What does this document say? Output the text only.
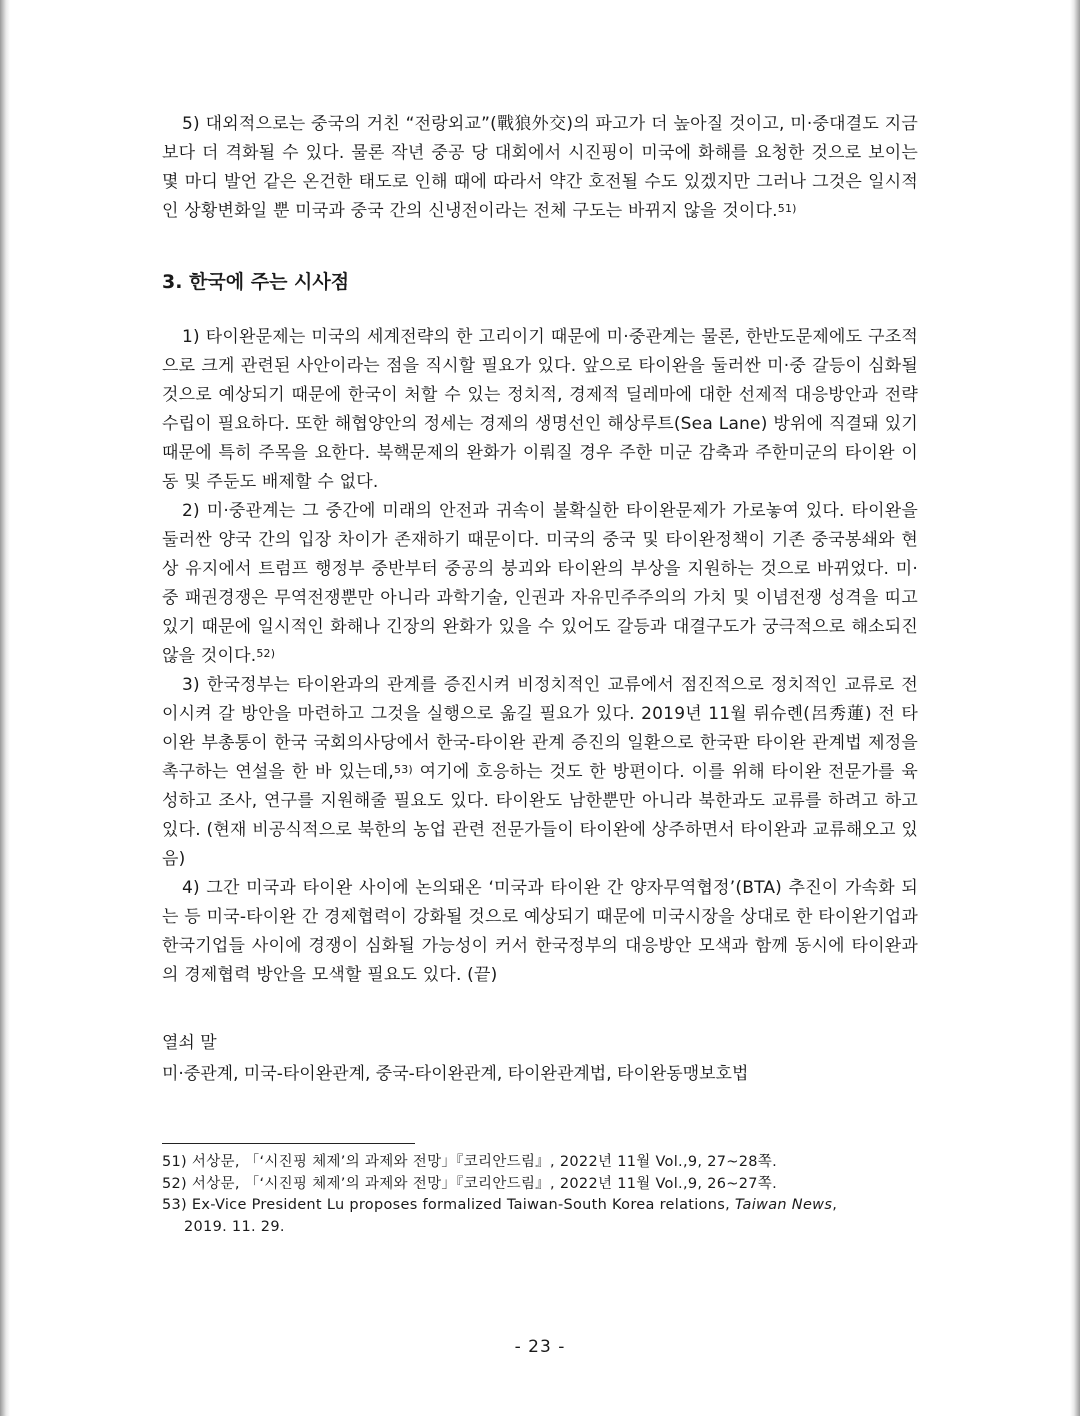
5) 대외적으로는 중국의 거친 “전랑외교”(戰狼外交)의 파고가 더 높아질 것이고, 미·중대결도 지금보다 더 격화될 수 있다. 물론 작년 중공 당 대회에서 시진핑이 미국에 화해를 요청한 것으로 보이는 몇 마디 발언 같은 온건한 태도로 인해 때에 따라서 약간 호전될 수도 있겠지만 그러나 그것은 일시적인 상황변화일 뿐 미국과 중국 간의 신냉전이라는 전체 구도는 바뀌지 않을 것이다.$^{51)}$

3. 한국에 주는 시사점

1) 타이완문제는 미국의 세계전략의 한 고리이기 때문에 미·중관계는 물론, 한반도문제에도 구조적으로 크게 관련된 사안이라는 점을 직시할 필요가 있다. 앞으로 타이완을 둘러싼 미·중 갈등이 심화될 것으로 예상되기 때문에 한국이 처할 수 있는 정치적, 경제적 딜레마에 대한 선제적 대응방안과 전략수립이 필요하다. 또한 해협양안의 정세는 경제의 생명선인 해상루트(Sea Lane) 방위에 직결돼 있기 때문에 특히 주목을 요한다. 북핵문제의 완화가 이뤄질 경우 주한 미군 감축과 주한미군의 타이완 이동 및 주둔도 배제할 수 없다.

2) 미·중관계는 그 중간에 미래의 안전과 귀속이 불확실한 타이완문제가 가로놓여 있다. 타이완을 둘러싼 양국 간의 입장 차이가 존재하기 때문이다. 미국의 중국 및 타이완정책이 기존 중국봉쇄와 현상 유지에서 트럼프 행정부 중반부터 중공의 붕괴와 타이완의 부상을 지원하는 것으로 바뀌었다. 미·중 패권경쟁은 무역전쟁뿐만 아니라 과학기술, 인권과 자유민주주의의 가치 및 이념전쟁 성격을 띠고 있기 때문에 일시적인 화해나 긴장의 완화가 있을 수 있어도 갈등과 대결구도가 궁극적으로 해소되진 않을 것이다.$^{52)}$

3) 한국정부는 타이완과의 관계를 증진시켜 비정치적인 교류에서 점진적으로 정치적인 교류로 전이시켜 갈 방안을 마련하고 그것을 실행으로 옮길 필요가 있다. 2019년 11월 뤼슈롄(呂秀蓮) 전 타이완 부총통이 한국 국회의사당에서 한국-타이완 관계 증진의 일환으로 한국판 타이완 관계법 제정을 촉구하는 연설을 한 바 있는데,$^{53)}$ 여기에 호응하는 것도 한 방편이다. 이를 위해 타이완 전문가를 육성하고 조사, 연구를 지원해줄 필요도 있다. 타이완도 남한뿐만 아니라 북한과도 교류를 하려고 하고 있다. (현재 비공식적으로 북한의 농업 관련 전문가들이 타이완에 상주하면서 타이완과 교류해오고 있음)

4) 그간 미국과 타이완 사이에 논의돼온 ‘미국과 타이완 간 양자무역협정’(BTA) 추진이 가속화 되는 등 미국-타이완 간 경제협력이 강화될 것으로 예상되기 때문에 미국시장을 상대로 한 타이완기업과 한국기업들 사이에 경쟁이 심화될 가능성이 커서 한국정부의 대응방안 모색과 함께 동시에 타이완과의 경제협력 방안을 모색할 필요도 있다. (끝)

열쇠 말

미·중관계, 미국-타이완관계, 중국-타이완관계, 타이완관계법, 타이완동맹보호법

51) 서상문, 「‘시진핑 체제’의 과제와 전망」『코리안드림』, 2022년 11월 Vol.,9, 27~28쪽.

52) 서상문, 「‘시진핑 체제’의 과제와 전망」『코리안드림』, 2022년 11월 Vol.,9, 26~27쪽.

53) Ex-Vice President Lu proposes formalized Taiwan-South Korea relations, Taiwan News,

2019. 11. 29.

- 23 -
